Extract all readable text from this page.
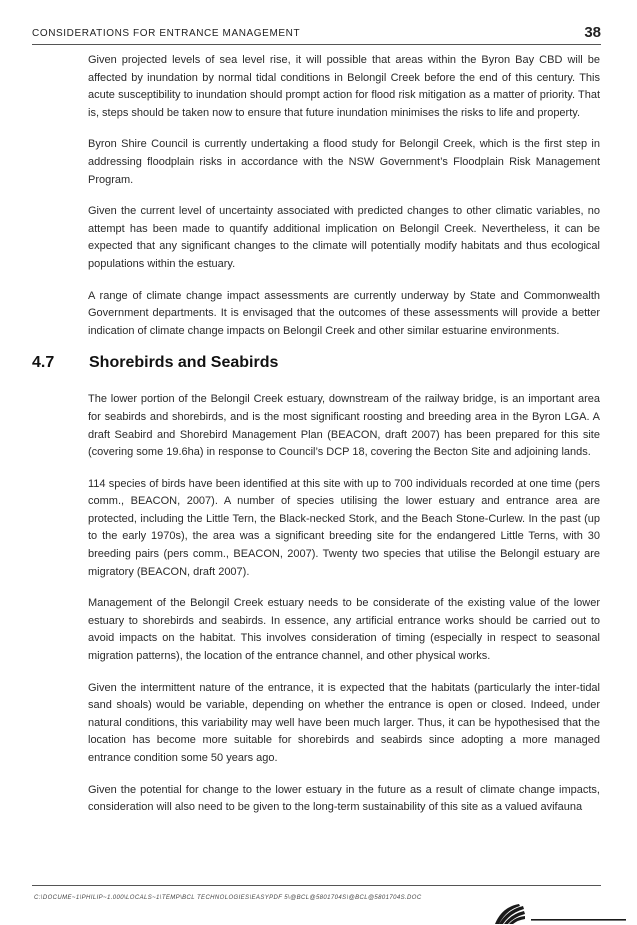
CONSIDERATIONS FOR ENTRANCE MANAGEMENT	38

Given projected levels of sea level rise, it will possible that areas within the Byron Bay CBD will be affected by inundation by normal tidal conditions in Belongil Creek before the end of this century. This acute susceptibility to inundation should prompt action for flood risk mitigation as a matter of priority. That is, steps should be taken now to ensure that future inundation minimises the risks to life and property.

Byron Shire Council is currently undertaking a flood study for Belongil Creek, which is the first step in addressing floodplain risks in accordance with the NSW Government’s Floodplain Risk Management Program.

Given the current level of uncertainty associated with predicted changes to other climatic variables, no attempt has been made to quantify additional implication on Belongil Creek. Nevertheless, it can be expected that any significant changes to the climate will potentially modify habitats and thus ecological populations within the estuary.

A range of climate change impact assessments are currently underway by State and Commonwealth Government departments. It is envisaged that the outcomes of these assessments will provide a better indication of climate change impacts on Belongil Creek and other similar estuarine environments.

4.7 Shorebirds and Seabirds

The lower portion of the Belongil Creek estuary, downstream of the railway bridge, is an important area for seabirds and shorebirds, and is the most significant roosting and breeding area in the Byron LGA. A draft Seabird and Shorebird Management Plan (BEACON, draft 2007) has been prepared for this site (covering some 19.6ha) in response to Council’s DCP 18, covering the Becton Site and adjoining lands.

114 species of birds have been identified at this site with up to 700 individuals recorded at one time (pers comm., BEACON, 2007). A number of species utilising the lower estuary and entrance area are protected, including the Little Tern, the Black-necked Stork, and the Beach Stone-Curlew. In the past (up to the early 1970s), the area was a significant breeding site for the endangered Little Terns, with 30 breeding pairs (pers comm., BEACON, 2007). Twenty two species that utilise the Belongil estuary are migratory (BEACON, draft 2007).

Management of the Belongil Creek estuary needs to be considerate of the existing value of the lower estuary to shorebirds and seabirds. In essence, any artificial entrance works should be carried out to avoid impacts on the habitat. This involves consideration of timing (especially in respect to seasonal migration patterns), the location of the entrance channel, and other physical works.

Given the intermittent nature of the entrance, it is expected that the habitats (particularly the inter-tidal sand shoals) would be variable, depending on whether the entrance is open or closed. Indeed, under natural conditions, this variability may well have been much larger. Thus, it can be hypothesised that the location has become more suitable for shorebirds and seabirds since adopting a more managed entrance condition some 50 years ago.

Given the potential for change to the lower estuary in the future as a result of climate change impacts, consideration will also need to be given to the long-term sustainability of this site as a valued avifauna

C:\DOCUME~1\PHILIP~1.000\LOCALS~1\TEMP\BCL TECHNOLOGIES\EASYPDF 5\@BCL@5801704S\@BCL@5801704S.DOC
